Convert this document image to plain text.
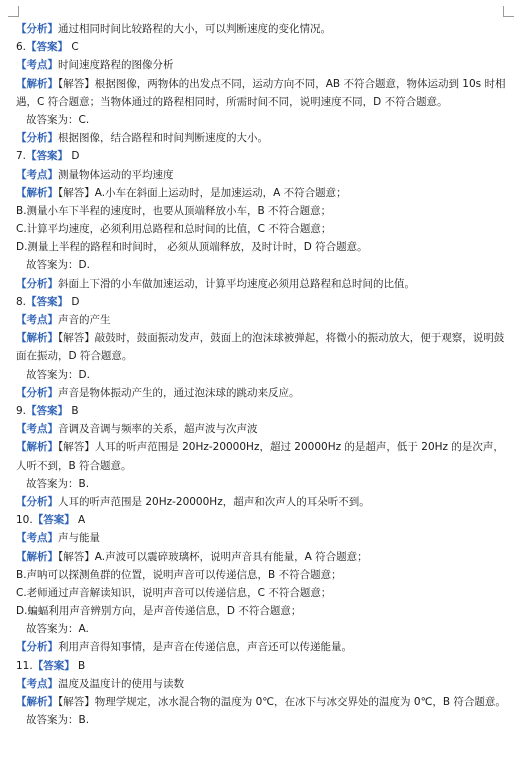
【分析】通过相同时间比较路程的大小，可以判断速度的变化情况。
6.【答案】 C
【考点】时间速度路程的图像分析
【解析】【解答】根据图像，两物体的出发点不同，运动方向不同，AB 不符合题意，物体运动到 10s 时相遇，C 符合题意；当物体通过的路程相同时，所需时间不同，说明速度不同，D 不符合题意。
故答案为：C.
【分析】根据图像，结合路程和时间判断速度的大小。
7.【答案】 D
【考点】测量物体运动的平均速度
【解析】【解答】A.小车在斜面上运动时，是加速运动，A 不符合题意；
B.测量小车下半程的速度时，也要从顶端释放小车，B 不符合题意；
C.计算平均速度，必须利用总路程和总时间的比值，C 不符合题意；
D.测量上半程的路程和时间时， 必须从顶端释放，及时计时，D 符合题意。
故答案为：D.
【分析】斜面上下滑的小车做加速运动，计算平均速度必须用总路程和总时间的比值。
8.【答案】 D
【考点】声音的产生
【解析】【解答】敲鼓时，鼓面振动发声，鼓面上的泡沫球被弹起，将微小的振动放大，便于观察，说明鼓面在振动，D 符合题意。
故答案为：D.
【分析】声音是物体振动产生的，通过泡沫球的跳动来反应。
9.【答案】 B
【考点】音调及音调与频率的关系，超声波与次声波
【解析】【解答】人耳的听声范围是 20Hz-20000Hz，超过 20000Hz 的是超声，低于 20Hz 的是次声，人听不到，B 符合题意。
故答案为：B.
【分析】人耳的听声范围是 20Hz-20000Hz，超声和次声人的耳朵听不到。
10.【答案】 A
【考点】声与能量
【解析】【解答】A.声波可以震碎玻璃杯，说明声音具有能量，A 符合题意；
B.声呐可以探测鱼群的位置，说明声音可以传递信息，B 不符合题意；
C.老师通过声音解读知识，说明声音可以传递信息，C 不符合题意；
D.蝙蝠利用声音辨别方向，是声音传递信息，D 不符合题意；
故答案为：A.
【分析】利用声音得知事情，是声音在传递信息，声音还可以传递能量。
11.【答案】 B
【考点】温度及温度计的使用与读数
【解析】【解答】物理学规定，冰水混合物的温度为 0℃，在冰下与冰交界处的温度为 0℃，B 符合题意。
故答案为：B.
